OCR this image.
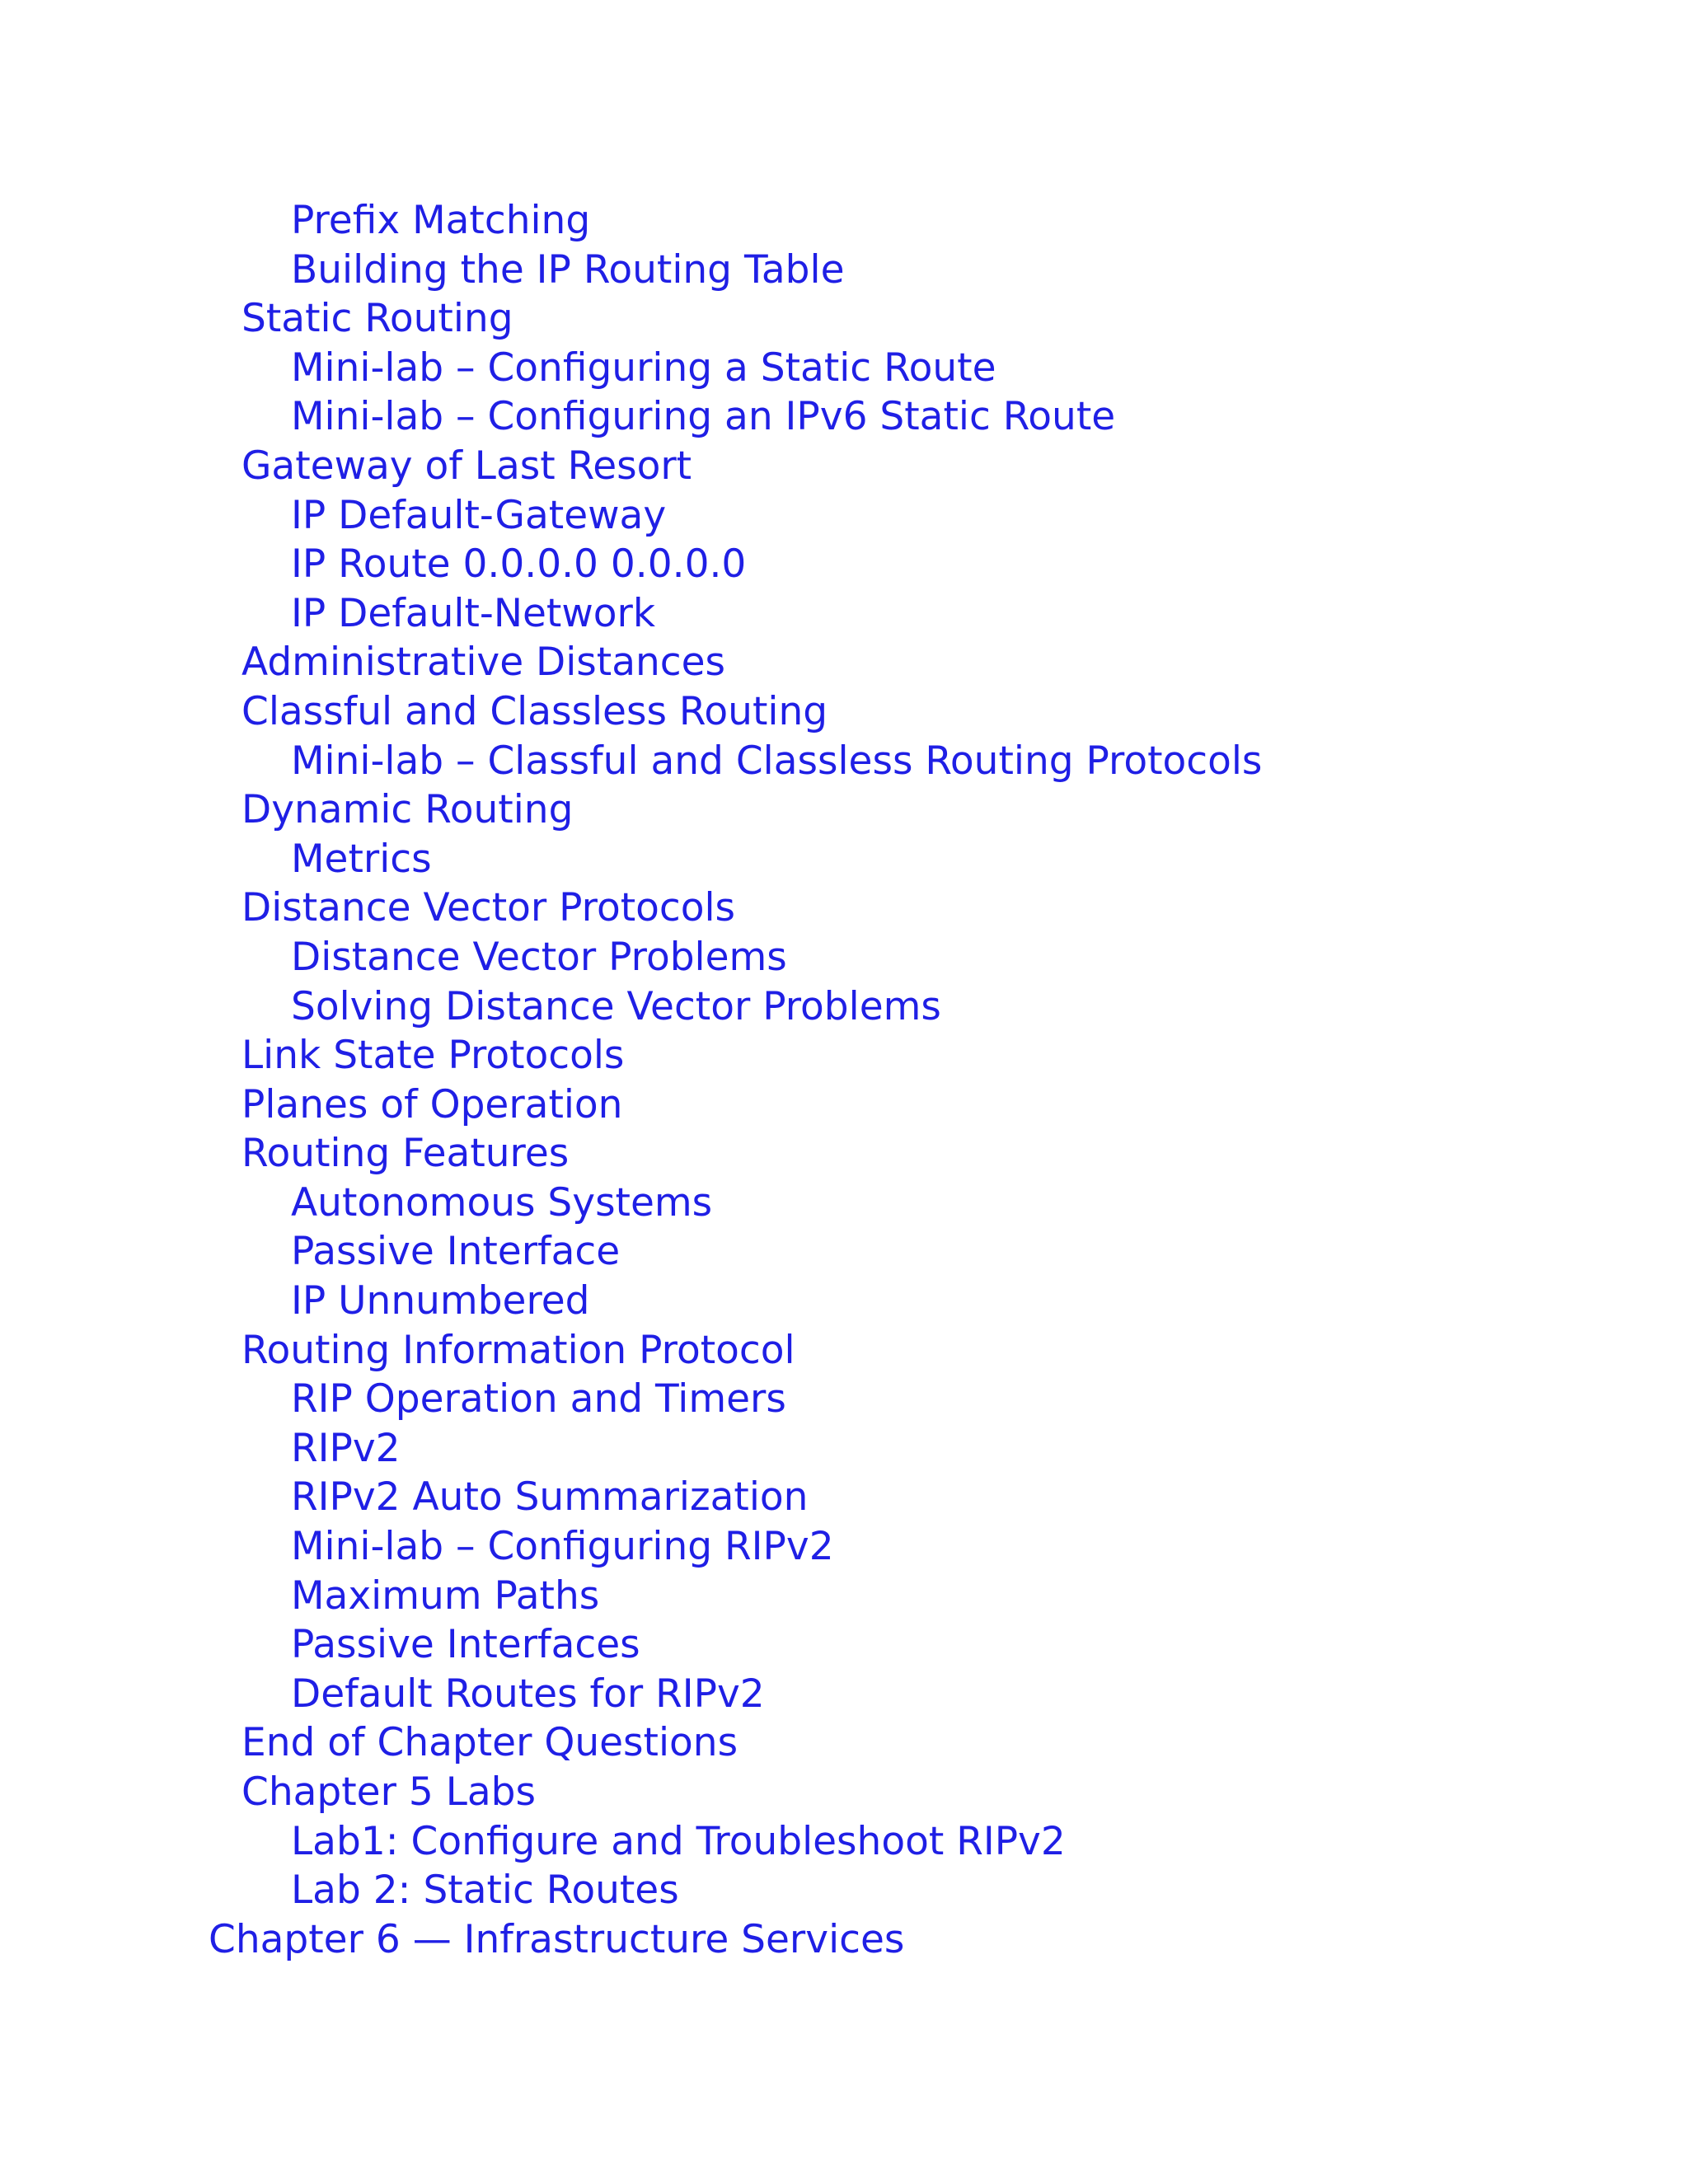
Prefix Matching
Building the IP Routing Table
Static Routing
Mini-lab – Configuring a Static Route
Mini-lab – Configuring an IPv6 Static Route
Gateway of Last Resort
IP Default-Gateway
IP Route 0.0.0.0 0.0.0.0
IP Default-Network
Administrative Distances
Classful and Classless Routing
Mini-lab – Classful and Classless Routing Protocols
Dynamic Routing
Metrics
Distance Vector Protocols
Distance Vector Problems
Solving Distance Vector Problems
Link State Protocols
Planes of Operation
Routing Features
Autonomous Systems
Passive Interface
IP Unnumbered
Routing Information Protocol
RIP Operation and Timers
RIPv2
RIPv2 Auto Summarization
Mini-lab – Configuring RIPv2
Maximum Paths
Passive Interfaces
Default Routes for RIPv2
End of Chapter Questions
Chapter 5 Labs
Lab1: Configure and Troubleshoot RIPv2
Lab 2: Static Routes
Chapter 6 — Infrastructure Services
